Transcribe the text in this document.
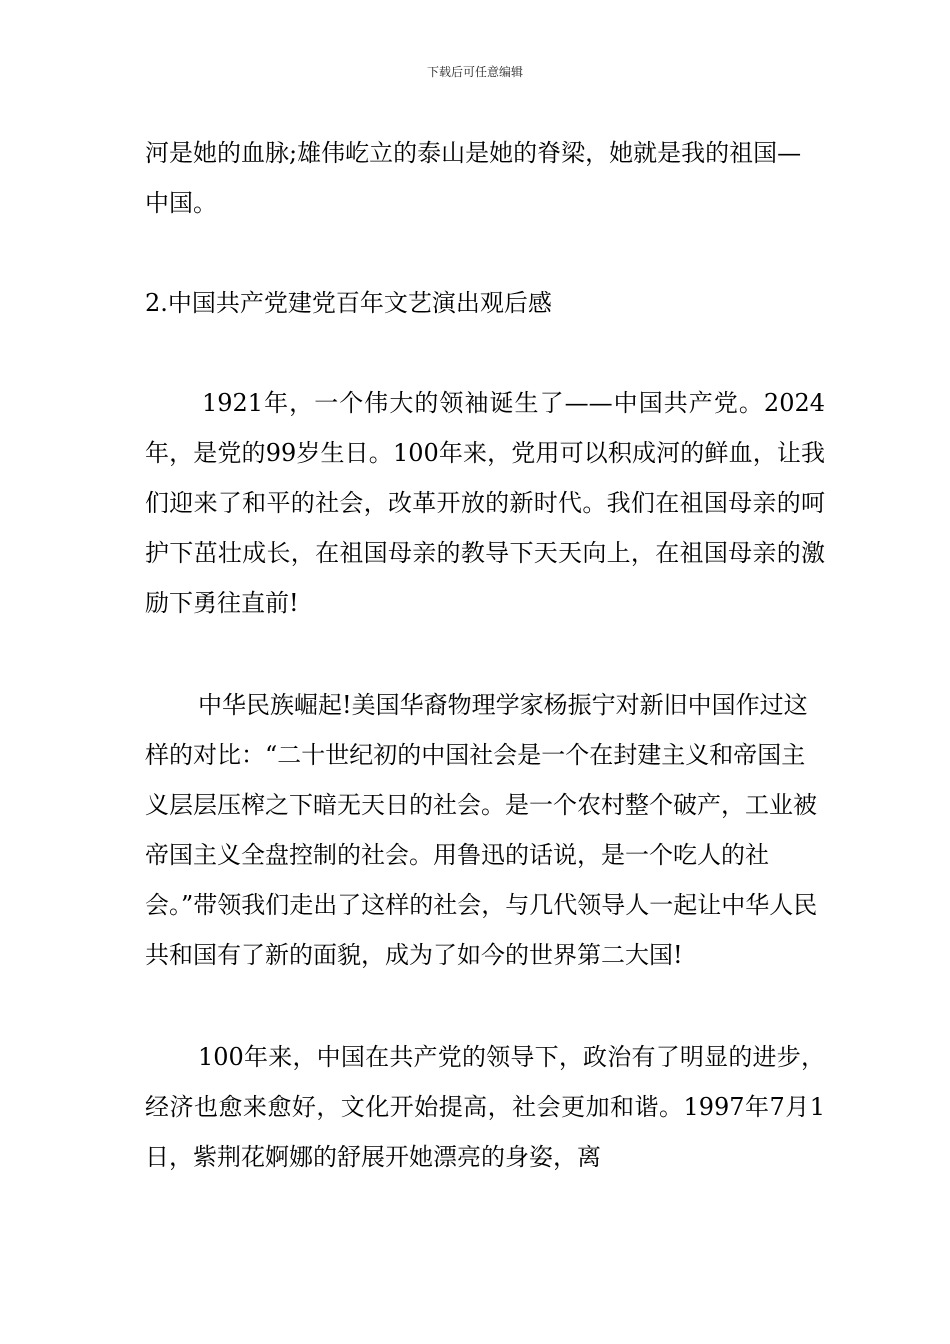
下载后可任意编辑

河是她的血脉;雄伟屹立的泰山是她的脊梁，她就是我的祖国—中国。

2.中国共产党建党百年文艺演出观后感

1921年，一个伟大的领袖诞生了——中国共产党。2024年，是党的99岁生日。100年来，党用可以积成河的鲜血，让我们迎来了和平的社会，改革开放的新时代。我们在祖国母亲的呵护下茁壮成长，在祖国母亲的教导下天天向上，在祖国母亲的激励下勇往直前!

中华民族崛起!美国华裔物理学家杨振宁对新旧中国作过这样的对比：“二十世纪初的中国社会是一个在封建主义和帝国主义层层压榨之下暗无天日的社会。是一个农村整个破产，工业被帝国主义全盘控制的社会。用鲁迅的话说，是一个吃人的社会。”带领我们走出了这样的社会，与几代领导人一起让中华人民共和国有了新的面貌，成为了如今的世界第二大国!

100年来，中国在共产党的领导下，政治有了明显的进步，经济也愈来愈好，文化开始提高，社会更加和谐。1997年7月1日，紫荆花婀娜的舒展开她漂亮的身姿，离
